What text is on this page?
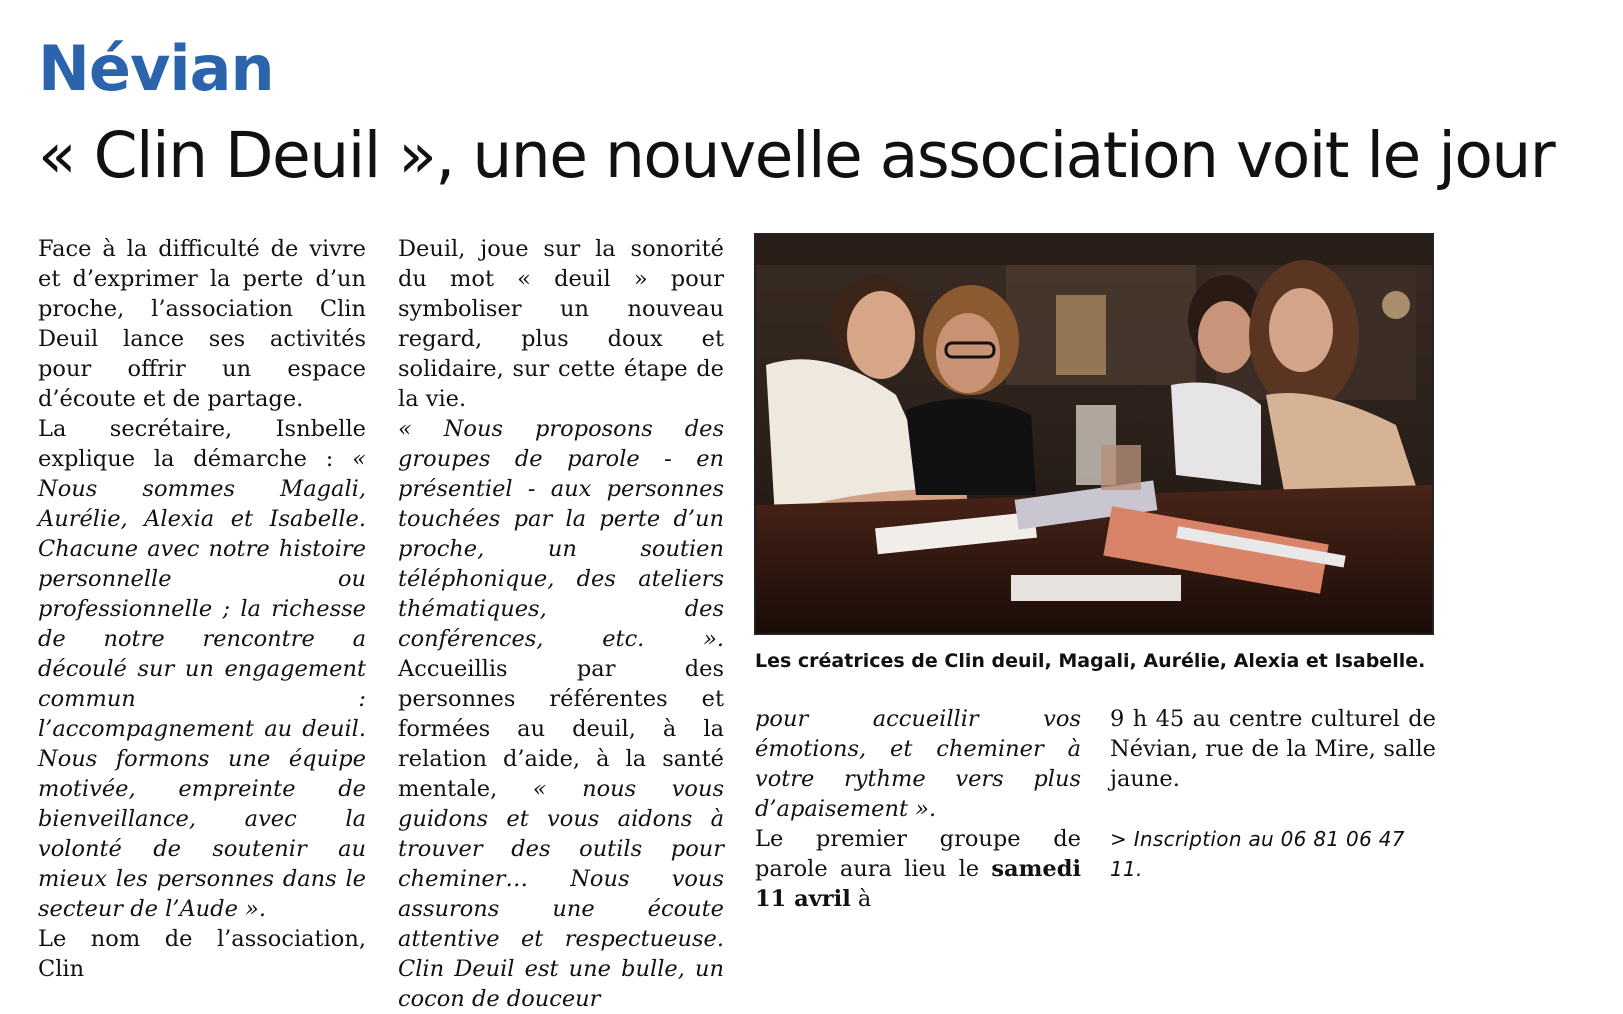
Névian
« Clin Deuil », une nouvelle association voit le jour

Face à la difficulté de vivre et d’exprimer la perte d’un proche, l’association Clin Deuil lance ses activités pour offrir un espace d’écoute et de partage.

La secrétaire, Isnbelle explique la démarche : « Nous sommes Magali, Aurélie, Alexia et Isabelle. Chacune avec notre histoire personnelle ou professionnelle ; la richesse de notre rencontre a découlé sur un engagement commun : l’accompagnement au deuil. Nous formons une équipe motivée, empreinte de bienveillance, avec la volonté de soutenir au mieux les personnes dans le secteur de l’Aude ».

Le nom de l’association, Clin

Deuil, joue sur la sonorité du mot « deuil » pour symboliser un nouveau regard, plus doux et solidaire, sur cette étape de la vie.

« Nous proposons des groupes de parole - en présentiel - aux personnes touchées par la perte d’un proche, un soutien téléphonique, des ateliers thématiques, des conférences, etc. ». Accueillis par des personnes référentes et formées au deuil, à la relation d’aide, à la santé mentale, « nous vous guidons et vous aidons à trouver des outils pour cheminer… Nous vous assurons une écoute attentive et respectueuse. Clin Deuil est une bulle, un cocon de douceur

Les créatrices de Clin deuil, Magali, Aurélie, Alexia et Isabelle.

pour accueillir vos émotions, et cheminer à votre rythme vers plus d’apaisement ».

Le premier groupe de parole aura lieu le samedi 11 avril à

9 h 45 au centre culturel de Névian, rue de la Mire, salle jaune.

> Inscription au 06 81 06 47 11.
